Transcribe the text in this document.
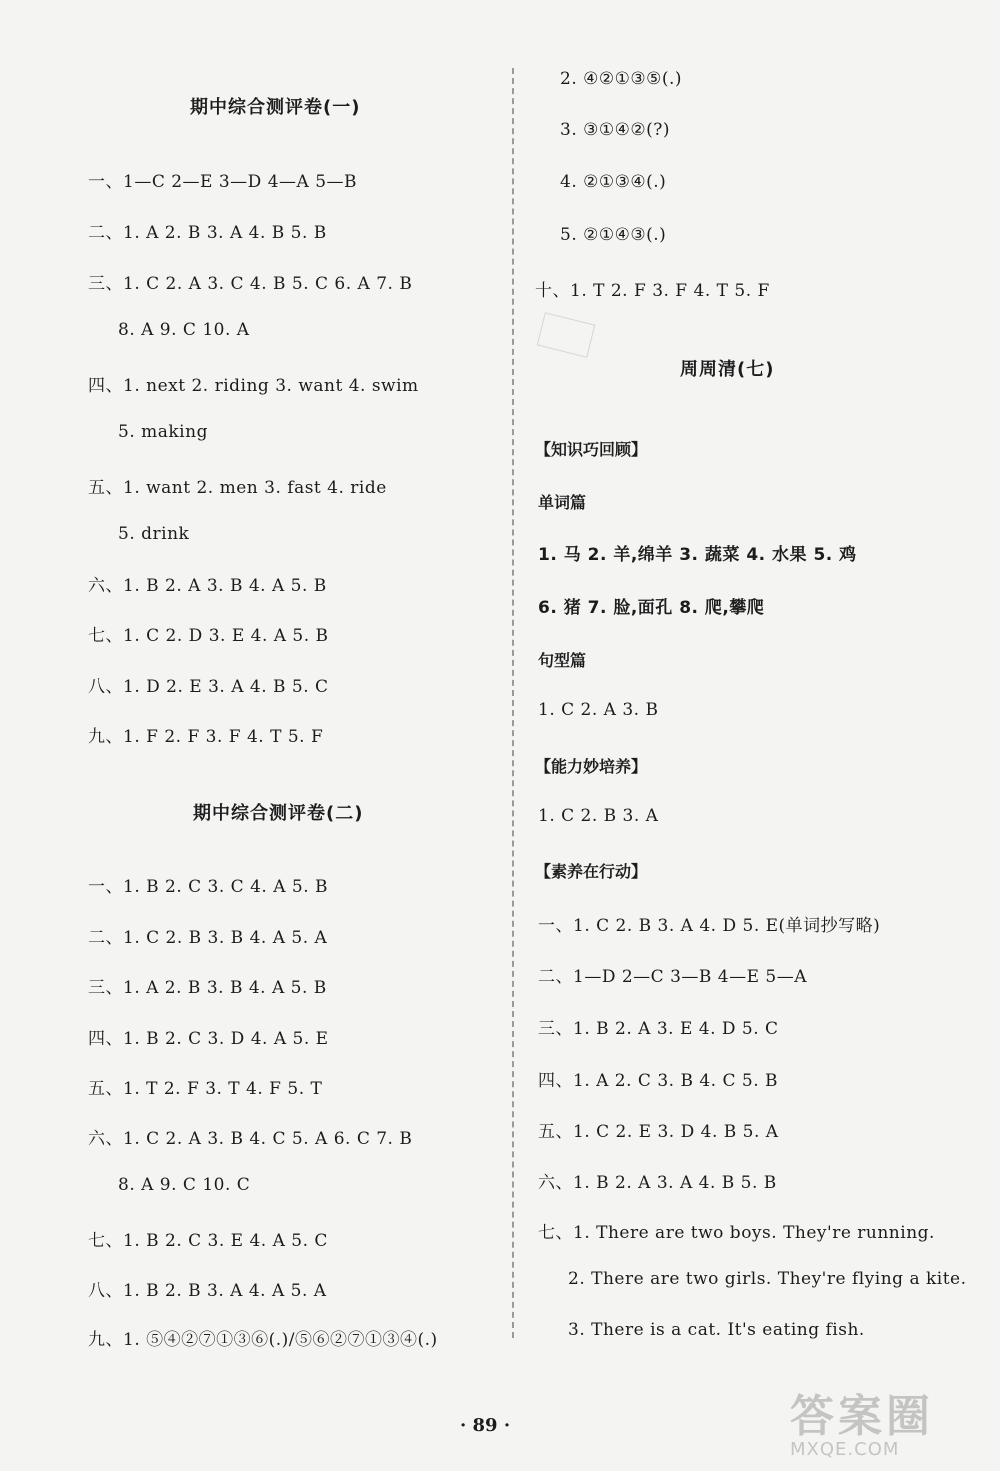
期中综合测评卷(一)
一、1—C 2—E 3—D 4—A 5—B
二、1. A 2. B 3. A 4. B 5. B
三、1. C 2. A 3. C 4. B 5. C 6. A 7. B
8. A 9. C 10. A
四、1. next 2. riding 3. want 4. swim
5. making
五、1. want 2. men 3. fast 4. ride
5. drink
六、1. B 2. A 3. B 4. A 5. B
七、1. C 2. D 3. E 4. A 5. B
八、1. D 2. E 3. A 4. B 5. C
九、1. F 2. F 3. F 4. T 5. F
期中综合测评卷(二)
一、1. B 2. C 3. C 4. A 5. B
二、1. C 2. B 3. B 4. A 5. A
三、1. A 2. B 3. B 4. A 5. B
四、1. B 2. C 3. D 4. A 5. E
五、1. T 2. F 3. T 4. F 5. T
六、1. C 2. A 3. B 4. C 5. A 6. C 7. B
8. A 9. C 10. C
七、1. B 2. C 3. E 4. A 5. C
八、1. B 2. B 3. A 4. A 5. A
九、1. ⑤④②⑦①③⑥(.)/⑤⑥②⑦①③④(.)
2. ④②①③⑤(.)
3. ③①④②(?)
4. ②①③④(.)
5. ②①④③(.)
十、1. T 2. F 3. F 4. T 5. F
周周清(七)
【知识巧回顾】
单词篇
1. 马 2. 羊,绵羊 3. 蔬菜 4. 水果 5. 鸡
6. 猪 7. 脸,面孔 8. 爬,攀爬
句型篇
1. C 2. A 3. B
【能力妙培养】
1. C 2. B 3. A
【素养在行动】
一、1. C 2. B 3. A 4. D 5. E(单词抄写略)
二、1—D 2—C 3—B 4—E 5—A
三、1. B 2. A 3. E 4. D 5. C
四、1. A 2. C 3. B 4. C 5. B
五、1. C 2. E 3. D 4. B 5. A
六、1. B 2. A 3. A 4. B 5. B
七、1. There are two boys. They're running.
2. There are two girls. They're flying a kite.
3. There is a cat. It's eating fish.
· 89 ·	答案圈
MXQE.COM
